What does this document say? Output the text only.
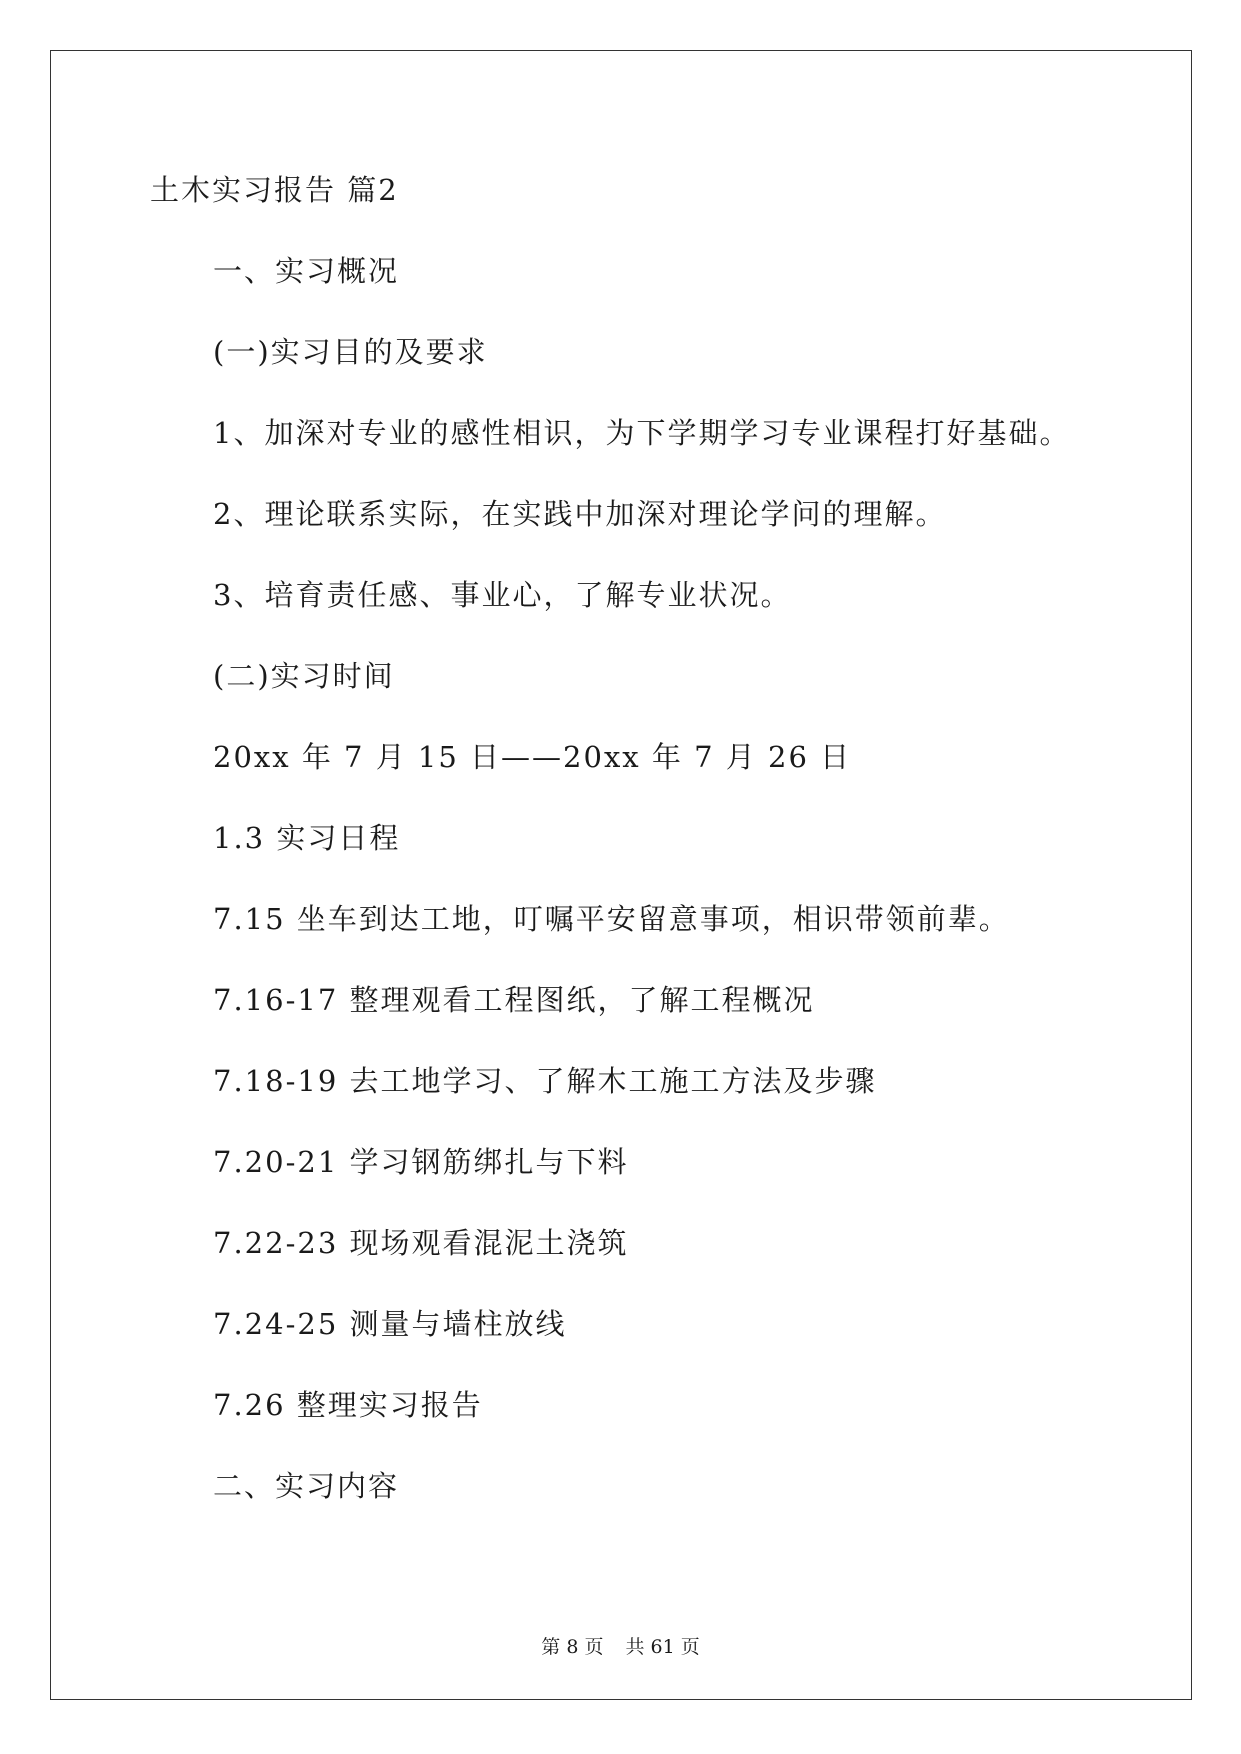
土木实习报告 篇2
一、实习概况
(一)实习目的及要求
1、加深对专业的感性相识，为下学期学习专业课程打好基础。
2、理论联系实际，在实践中加深对理论学问的理解。
3、培育责任感、事业心，了解专业状况。
(二)实习时间
20xx 年 7 月 15 日——20xx 年 7 月 26 日
1.3 实习日程
7.15 坐车到达工地，叮嘱平安留意事项，相识带领前辈。
7.16-17 整理观看工程图纸，了解工程概况
7.18-19 去工地学习、了解木工施工方法及步骤
7.20-21 学习钢筋绑扎与下料
7.22-23 现场观看混泥土浇筑
7.24-25 测量与墙柱放线
7.26 整理实习报告
二、实习内容
第 8 页 共 61 页
